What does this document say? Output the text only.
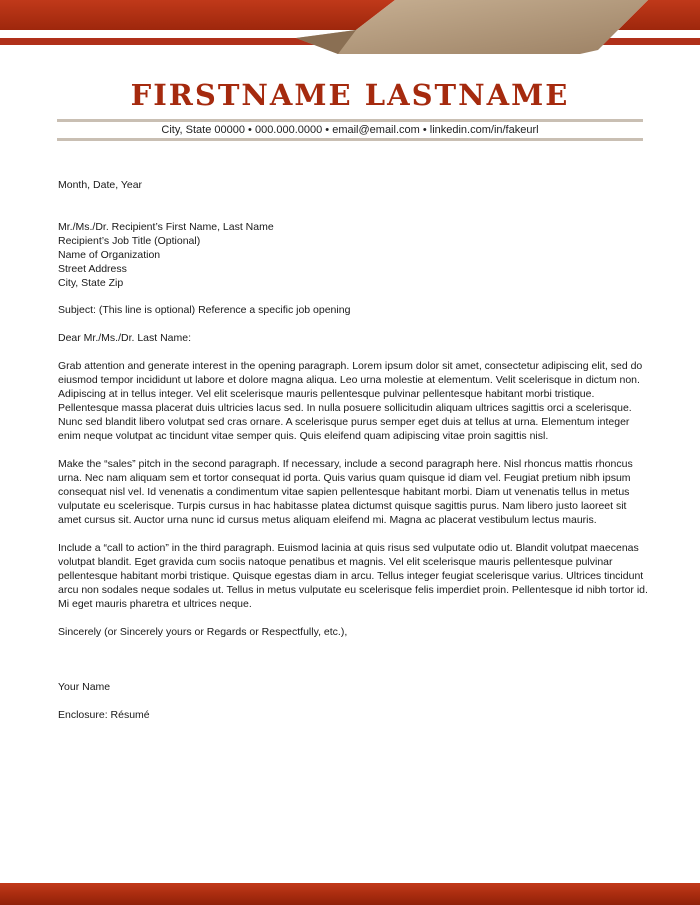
FIRSTNAME LASTNAME
City, State 00000 • 000.000.0000 • email@email.com • linkedin.com/in/fakeurl
Month, Date, Year

Mr./Ms./Dr. Recipient’s First Name, Last Name

Recipient’s Job Title (Optional)

Name of Organization

Street Address

City, State Zip

Subject: (This line is optional) Reference a specific job opening
Dear Mr./Ms./Dr. Last Name:
Grab attention and generate interest in the opening paragraph. Lorem ipsum dolor sit amet, consectetur adipiscing elit, sed do eiusmod tempor incididunt ut labore et dolore magna aliqua. Leo urna molestie at elementum. Velit scelerisque in dictum non. Adipiscing at in tellus integer. Vel elit scelerisque mauris pellentesque pulvinar pellentesque habitant morbi tristique. Pellentesque massa placerat duis ultricies lacus sed. In nulla posuere sollicitudin aliquam ultrices sagittis orci a scelerisque. Nunc sed blandit libero volutpat sed cras ornare. A scelerisque purus semper eget duis at tellus at urna. Elementum integer enim neque volutpat ac tincidunt vitae semper quis. Quis eleifend quam adipiscing vitae proin sagittis nisl.
Make the “sales” pitch in the second paragraph. If necessary, include a second paragraph here. Nisl rhoncus mattis rhoncus urna. Nec nam aliquam sem et tortor consequat id porta. Quis varius quam quisque id diam vel. Feugiat pretium nibh ipsum consequat nisl vel. Id venenatis a condimentum vitae sapien pellentesque habitant morbi. Diam ut venenatis tellus in metus vulputate eu scelerisque. Turpis cursus in hac habitasse platea dictumst quisque sagittis purus. Nam libero justo laoreet sit amet cursus sit. Auctor urna nunc id cursus metus aliquam eleifend mi. Magna ac placerat vestibulum lectus mauris.
Include a “call to action” in the third paragraph. Euismod lacinia at quis risus sed vulputate odio ut. Blandit volutpat maecenas volutpat blandit. Eget gravida cum sociis natoque penatibus et magnis. Vel elit scelerisque mauris pellentesque pulvinar pellentesque habitant morbi tristique. Quisque egestas diam in arcu. Tellus integer feugiat scelerisque varius. Ultrices tincidunt arcu non sodales neque sodales ut. Tellus in metus vulputate eu scelerisque felis imperdiet proin. Pellentesque id nibh tortor id. Mi eget mauris pharetra et ultrices neque.
Sincerely (or Sincerely yours or Regards or Respectfully, etc.),
Your Name
Enclosure: Résumé
